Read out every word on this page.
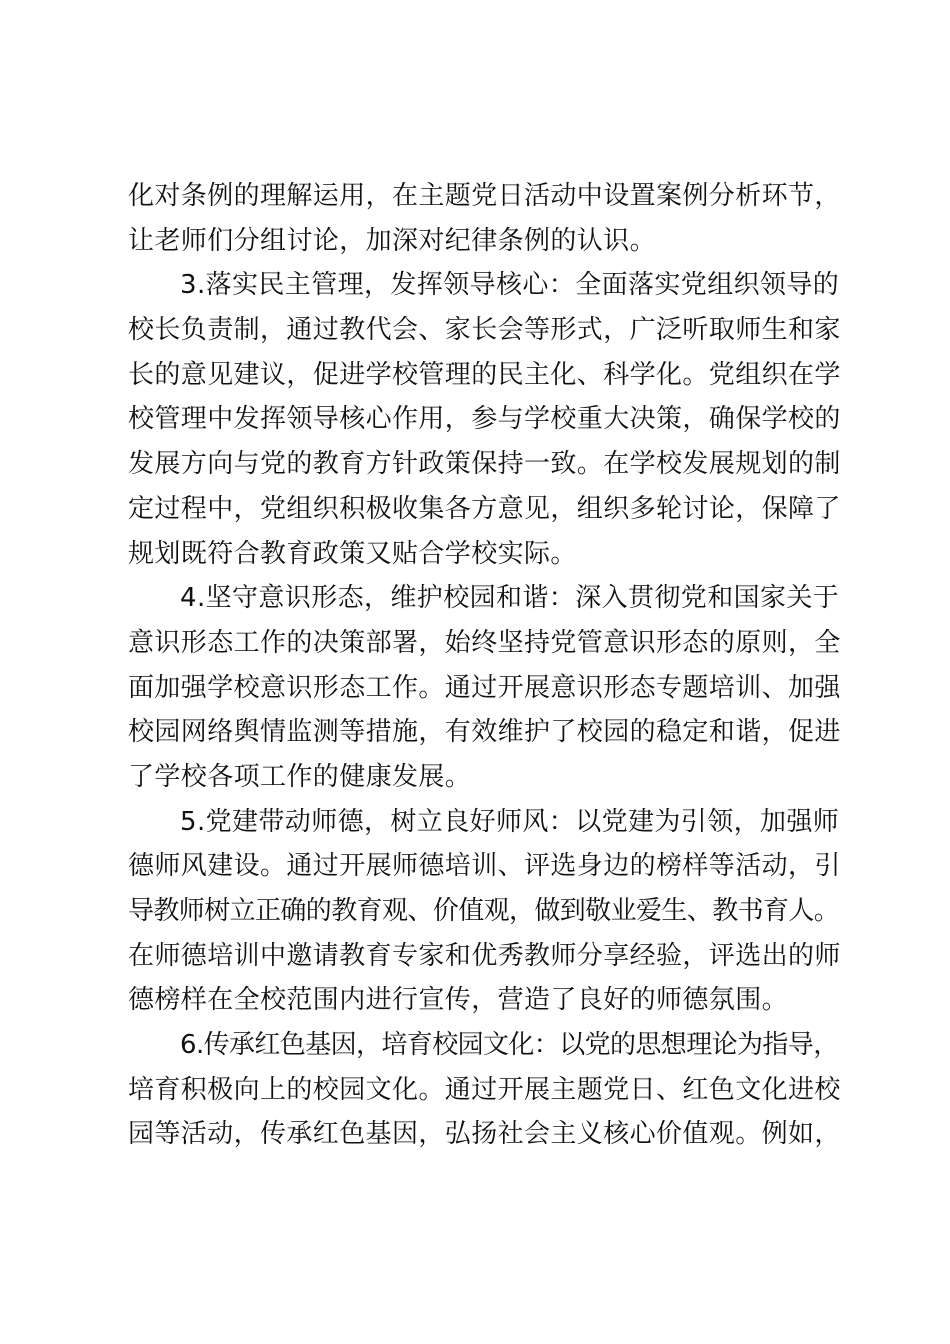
化对条例的理解运用，在主题党日活动中设置案例分析环节，
让老师们分组讨论，加深对纪律条例的认识。
3.落实民主管理，发挥领导核心：全面落实党组织领导的
校长负责制，通过教代会、家长会等形式，广泛听取师生和家
长的意见建议，促进学校管理的民主化、科学化。党组织在学
校管理中发挥领导核心作用，参与学校重大决策，确保学校的
发展方向与党的教育方针政策保持一致。在学校发展规划的制
定过程中，党组织积极收集各方意见，组织多轮讨论，保障了
规划既符合教育政策又贴合学校实际。
4.坚守意识形态，维护校园和谐：深入贯彻党和国家关于
意识形态工作的决策部署，始终坚持党管意识形态的原则，全
面加强学校意识形态工作。通过开展意识形态专题培训、加强
校园网络舆情监测等措施，有效维护了校园的稳定和谐，促进
了学校各项工作的健康发展。
5.党建带动师德，树立良好师风：以党建为引领，加强师
德师风建设。通过开展师德培训、评选身边的榜样等活动，引
导教师树立正确的教育观、价值观，做到敬业爱生、教书育人。
在师德培训中邀请教育专家和优秀教师分享经验，评选出的师
德榜样在全校范围内进行宣传，营造了良好的师德氛围。
6.传承红色基因，培育校园文化：以党的思想理论为指导，
培育积极向上的校园文化。通过开展主题党日、红色文化进校
园等活动，传承红色基因，弘扬社会主义核心价值观。例如，
